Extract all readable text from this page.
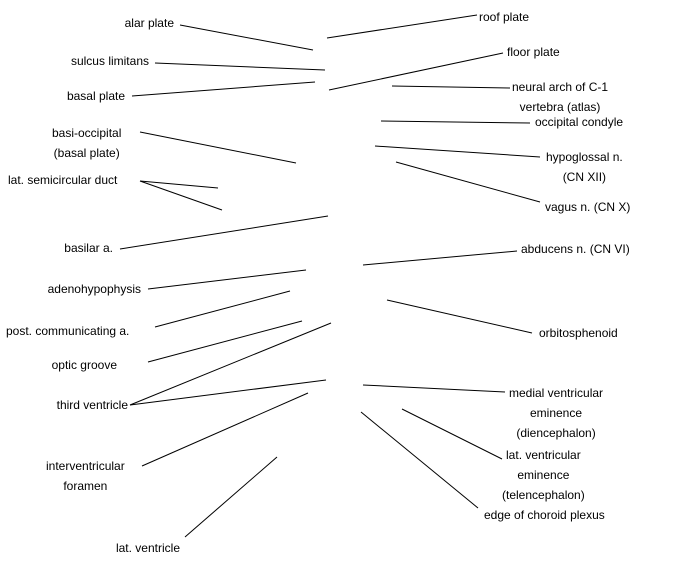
alar plate
sulcus limitans
basal plate
basi-occipital
(basal plate)
lat. semicircular duct
basilar a.
adenohypophysis
post. communicating a.
optic groove
third ventricle
interventricular
foramen
lat. ventricle
roof plate
floor plate
neural arch of C-1
vertebra (atlas)
occipital condyle
hypoglossal n.
(CN XII)
vagus n. (CN X)
abducens n. (CN VI)
orbitosphenoid
medial ventricular
eminence
(diencephalon)
lat. ventricular
eminence
(telencephalon)
edge of choroid plexus
